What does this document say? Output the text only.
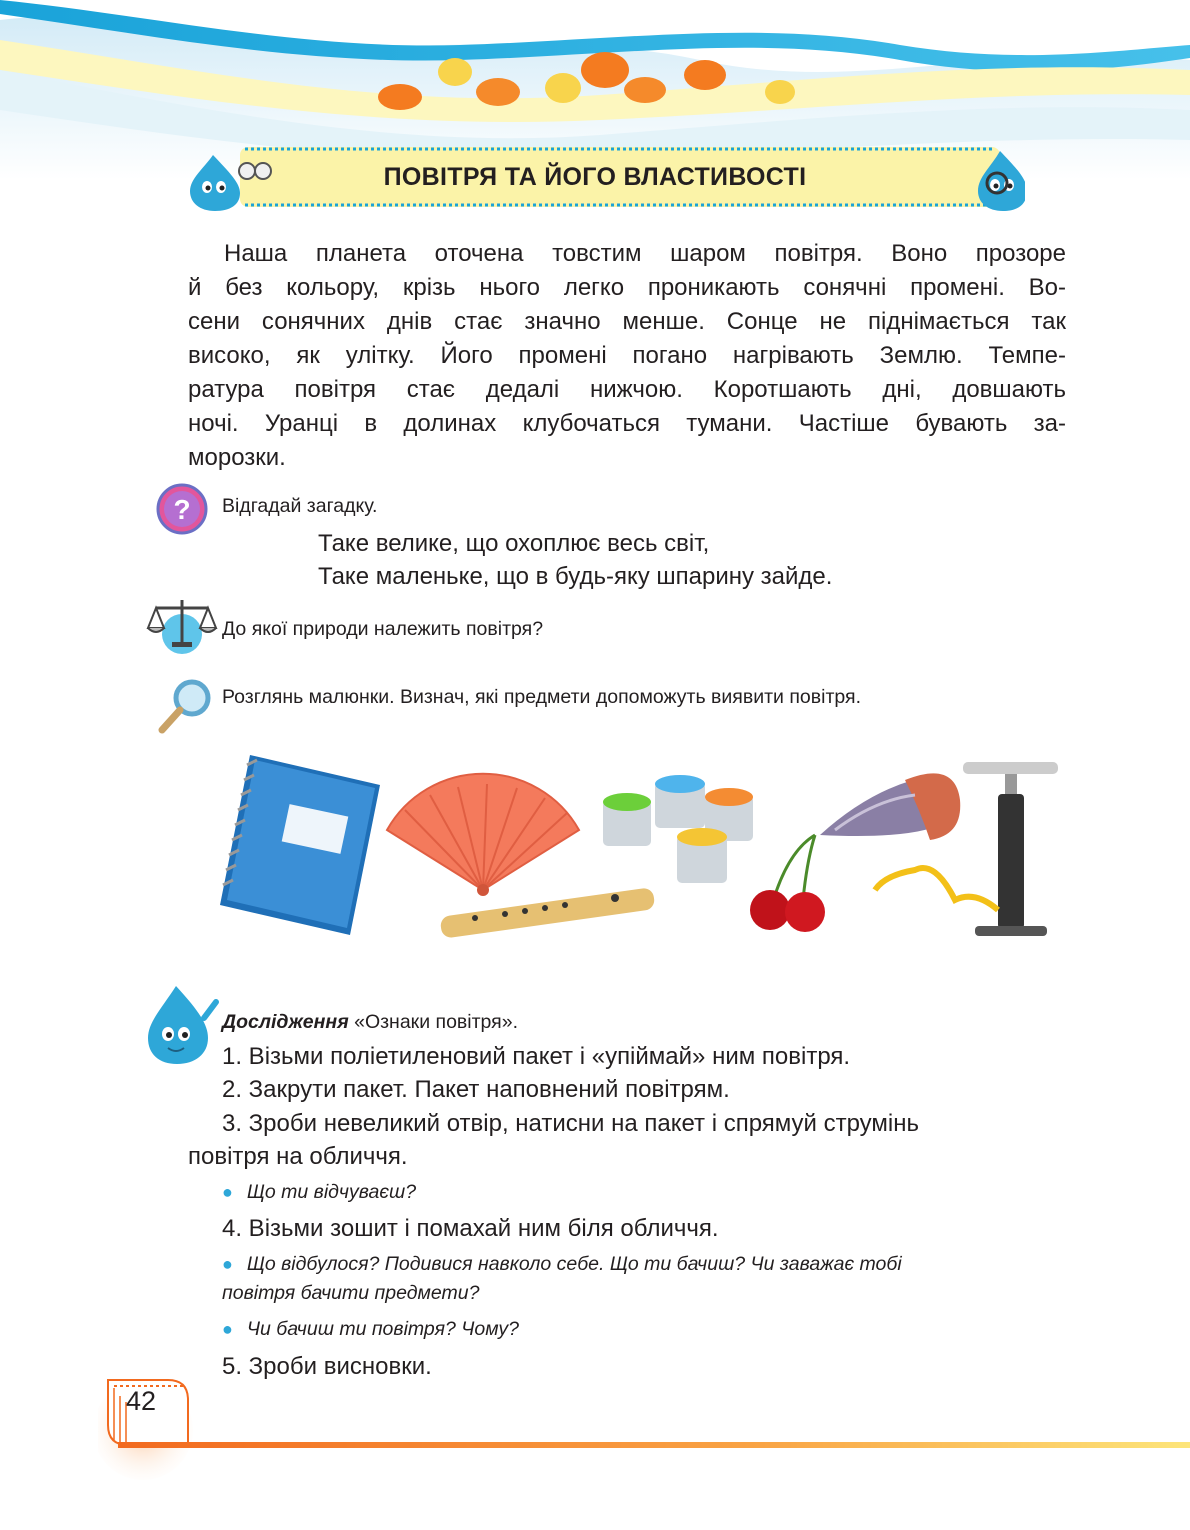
ПОВІТРЯ ТА ЙОГО ВЛАСТИВОСТІ
Наша планета оточена товстим шаром повітря. Воно прозоре
й без кольору, крізь нього легко проникають сонячні промені. Во-
сени сонячних днів стає значно менше. Сонце не піднімається так
високо, як улітку. Його промені погано нагрівають Землю. Темпе-
ратура повітря стає дедалі нижчою. Коротшають дні, довшають
ночі. Уранці в долинах клубочаться тумани. Частіше бувають за-
морозки.
? Відгадай загадку.
Таке велике, що охоплює весь світ,
Таке маленьке, що в будь-яку шпарину зайде.
До якої природи належить повітря?
Розглянь малюнки. Визнач, які предмети допоможуть виявити повітря.
Дослідження «Ознаки повітря».
1. Візьми поліетиленовий пакет і «упіймай» ним повітря.
2. Закрути пакет. Пакет наповнений повітрям.
3. Зроби невеликий отвір, натисни на пакет і спрямуй струмінь
повітря на обличчя.
● Що ти відчуваєш?
4. Візьми зошит і помахай ним біля обличчя.
● Що відбулося? Подивися навколо себе. Що ти бачиш? Чи заважає тобі
повітря бачити предмети?
● Чи бачиш ти повітря? Чому?
5. Зроби висновки.
42
